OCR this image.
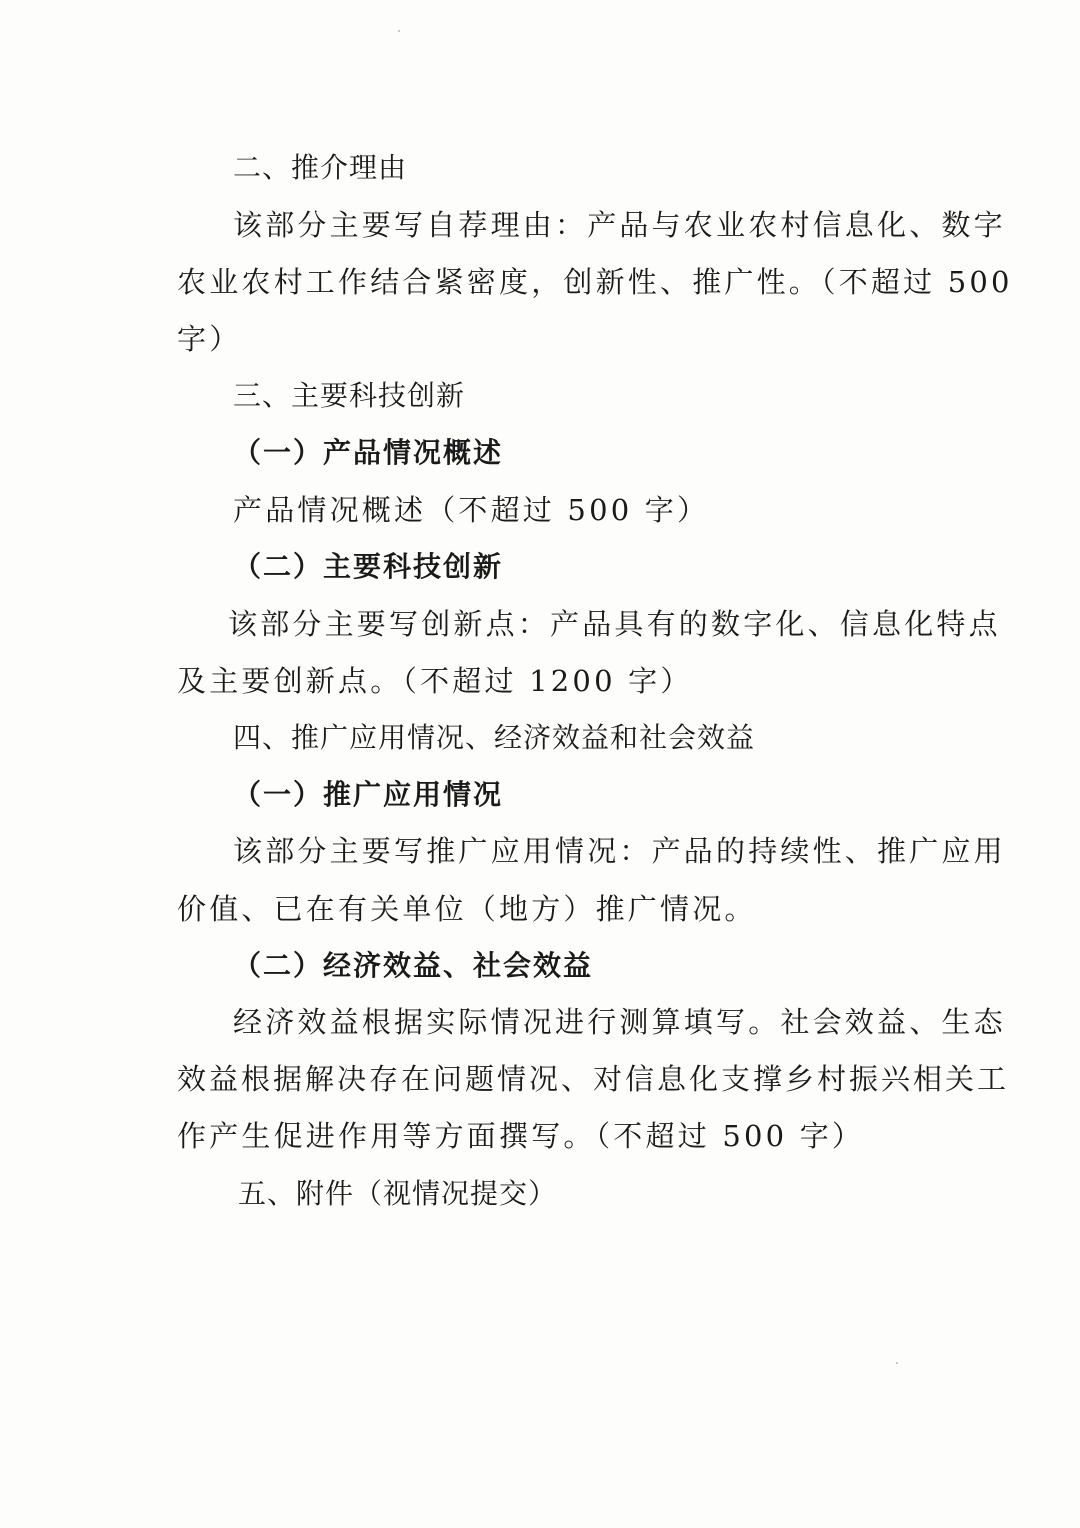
二、推介理由
该部分主要写自荐理由：产品与农业农村信息化、数字
农业农村工作结合紧密度，创新性、推广性。（不超过 500
字）
三、主要科技创新
（一）产品情况概述
产品情况概述（不超过 500 字）
（二）主要科技创新
该部分主要写创新点：产品具有的数字化、信息化特点
及主要创新点。（不超过 1200 字）
四、推广应用情况、经济效益和社会效益
（一）推广应用情况
该部分主要写推广应用情况：产品的持续性、推广应用
价值、已在有关单位（地方）推广情况。
（二）经济效益、社会效益
经济效益根据实际情况进行测算填写。社会效益、生态
效益根据解决存在问题情况、对信息化支撑乡村振兴相关工
作产生促进作用等方面撰写。（不超过 500 字）
五、附件（视情况提交）
